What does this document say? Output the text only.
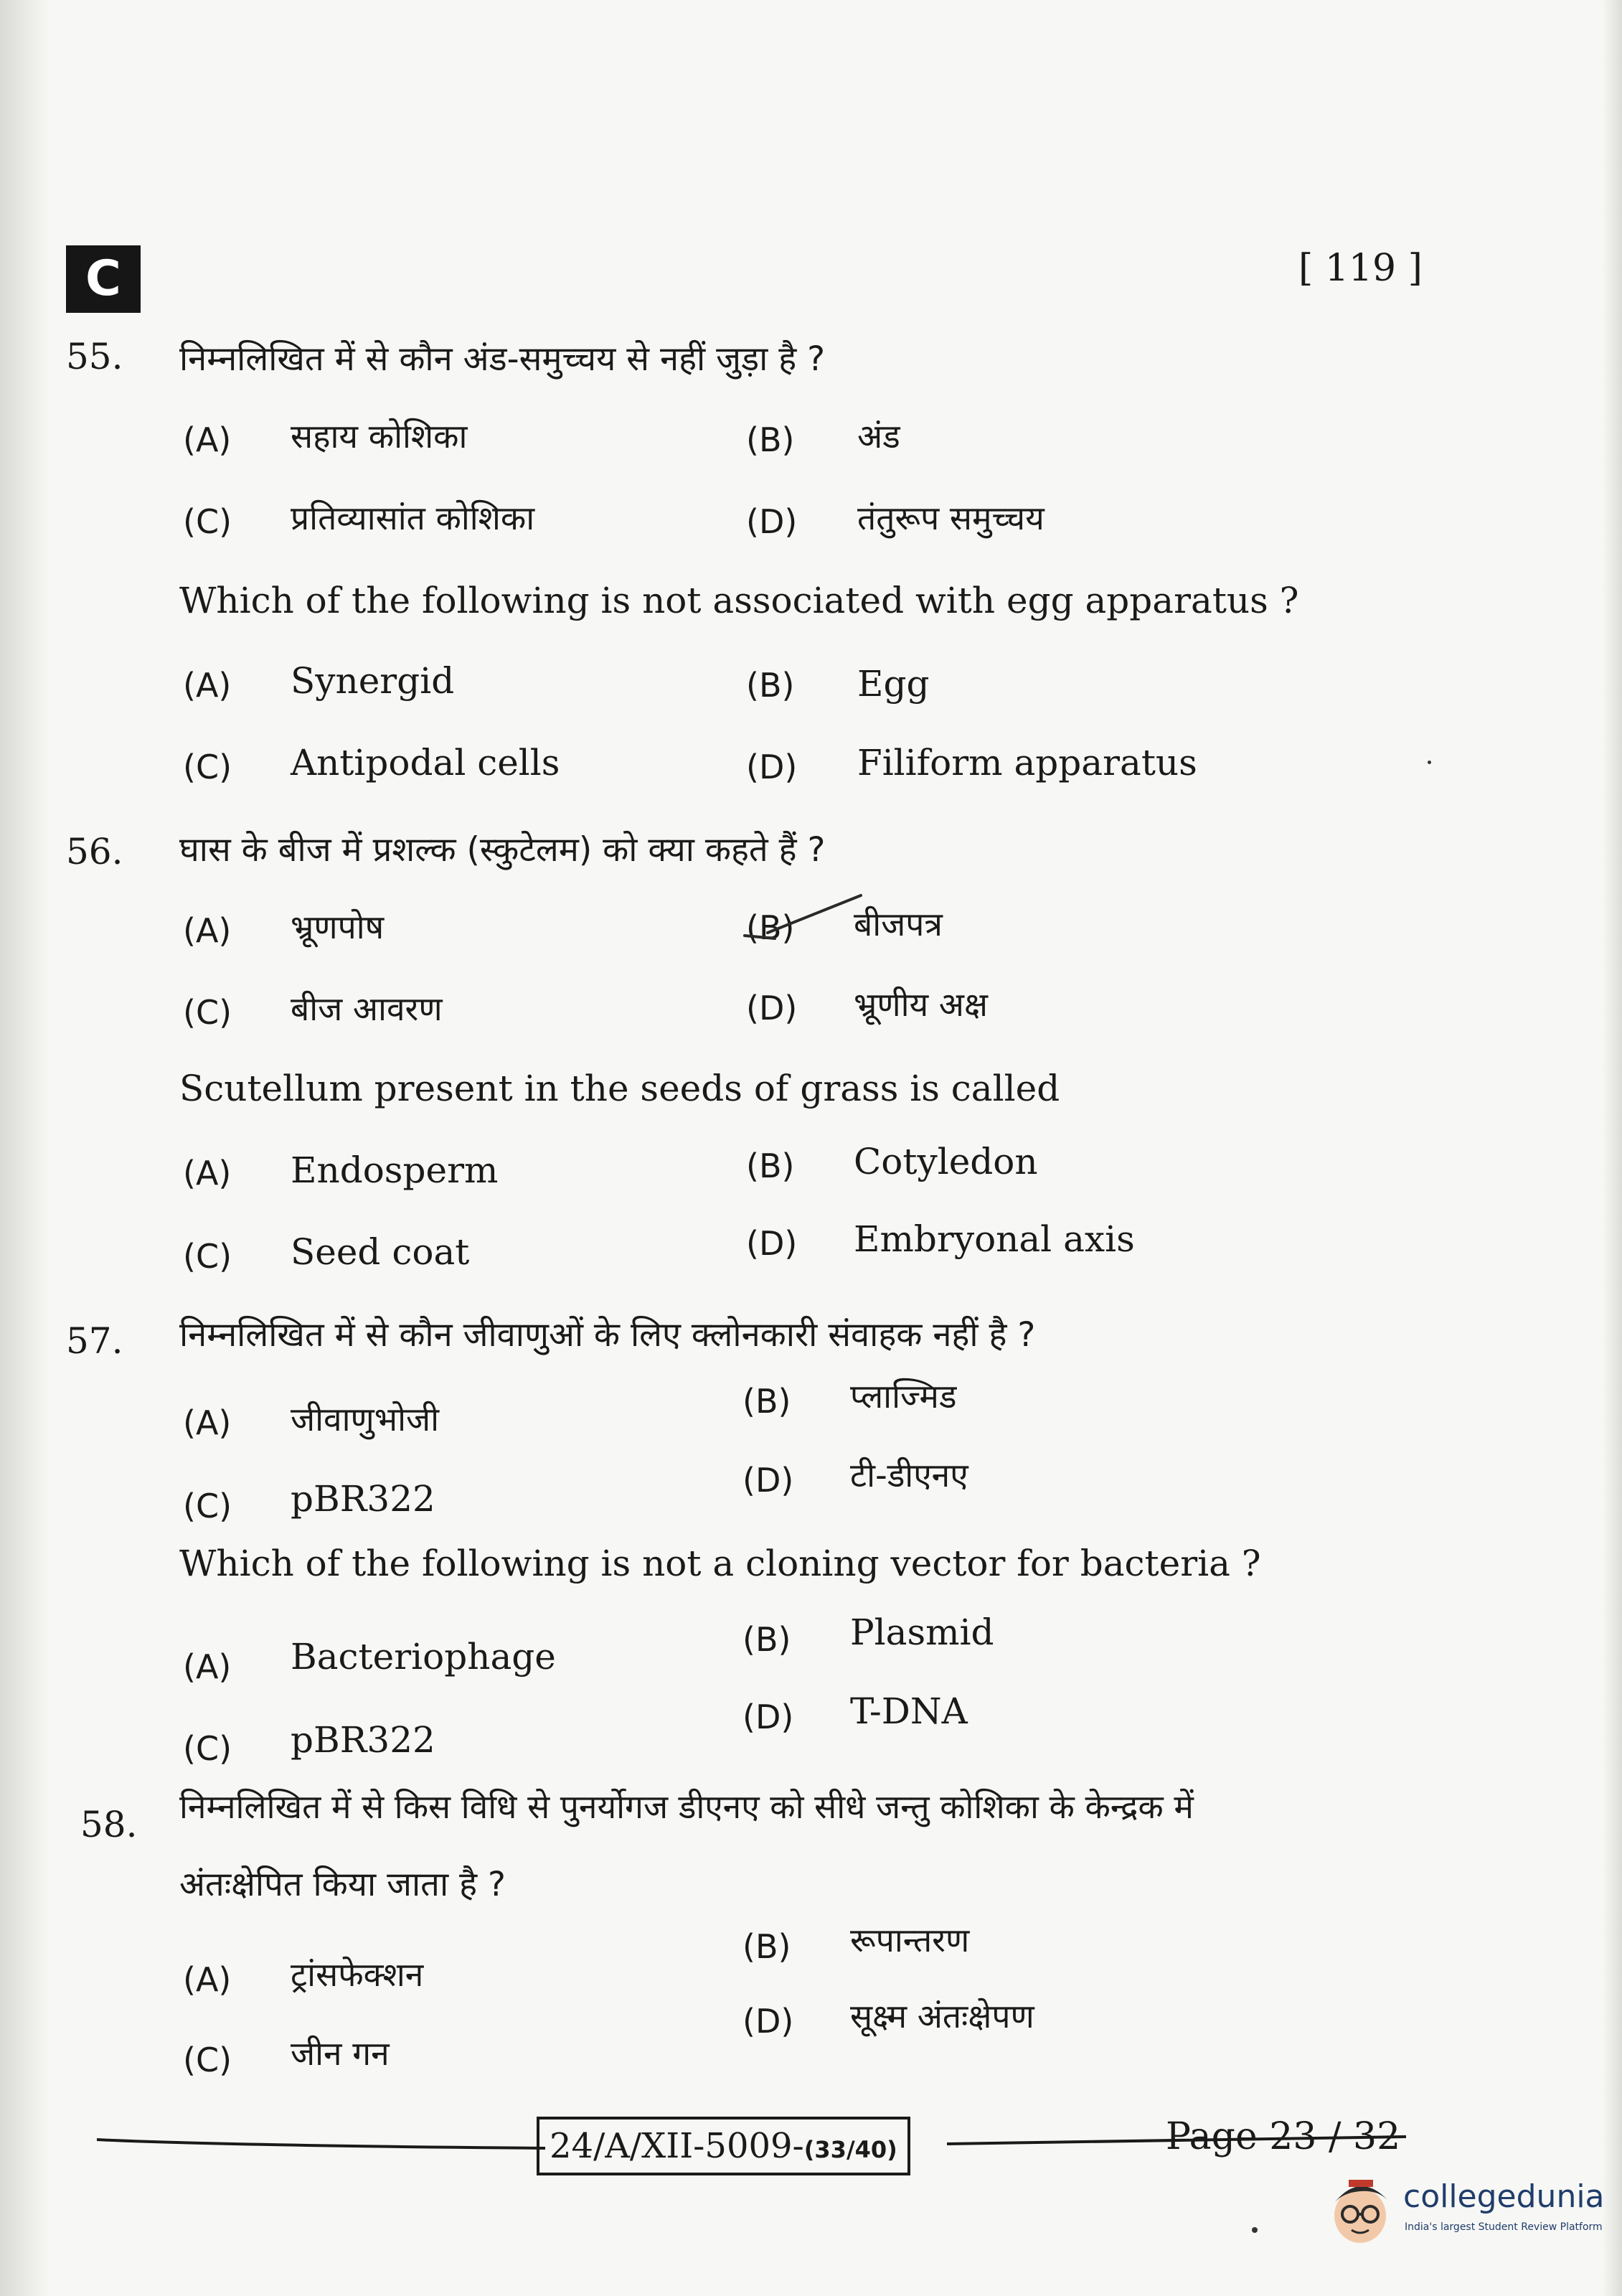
C	[ 119 ]
55. निम्नलिखित में से कौन अंड-समुच्चय से नहीं जुड़ा है ?
(A) सहाय कोशिका	(B) अंड
(C) प्रतिव्यासांत कोशिका	(D) तंतुरूप समुच्चय
Which of the following is not associated with egg apparatus ?
(A) Synergid	(B) Egg
(C) Antipodal cells	(D) Filiform apparatus
56. घास के बीज में प्रशल्क (स्कुटेलम) को क्या कहते हैं ?
(A) भ्रूणपोष	(B) बीजपत्र
(C) बीज आवरण	(D) भ्रूणीय अक्ष
Scutellum present in the seeds of grass is called
(A) Endosperm	(B) Cotyledon
(C) Seed coat	(D) Embryonal axis
57. निम्नलिखित में से कौन जीवाणुओं के लिए क्लोनकारी संवाहक नहीं है ?
(A) जीवाणुभोजी	(B) प्लाज्मिड
(C) pBR322	(D) टी-डीएनए
Which of the following is not a cloning vector for bacteria ?
(A) Bacteriophage	(B) Plasmid
(C) pBR322
(D) T-DNA
58. निम्नलिखित में से किस विधि से पुनर्योगज डीएनए को सीधे जन्तु कोशिका के केन्द्रक में
अंतःक्षेपित किया जाता है ?
(A) ट्रांसफेक्शन
(B) रूपान्तरण
(C) जीन गन
(D) सूक्ष्म अंतःक्षेपण
24/A/XII-5009-(33/40)	Page 23 / 32
collegedunia
India's largest Student Review Platform
